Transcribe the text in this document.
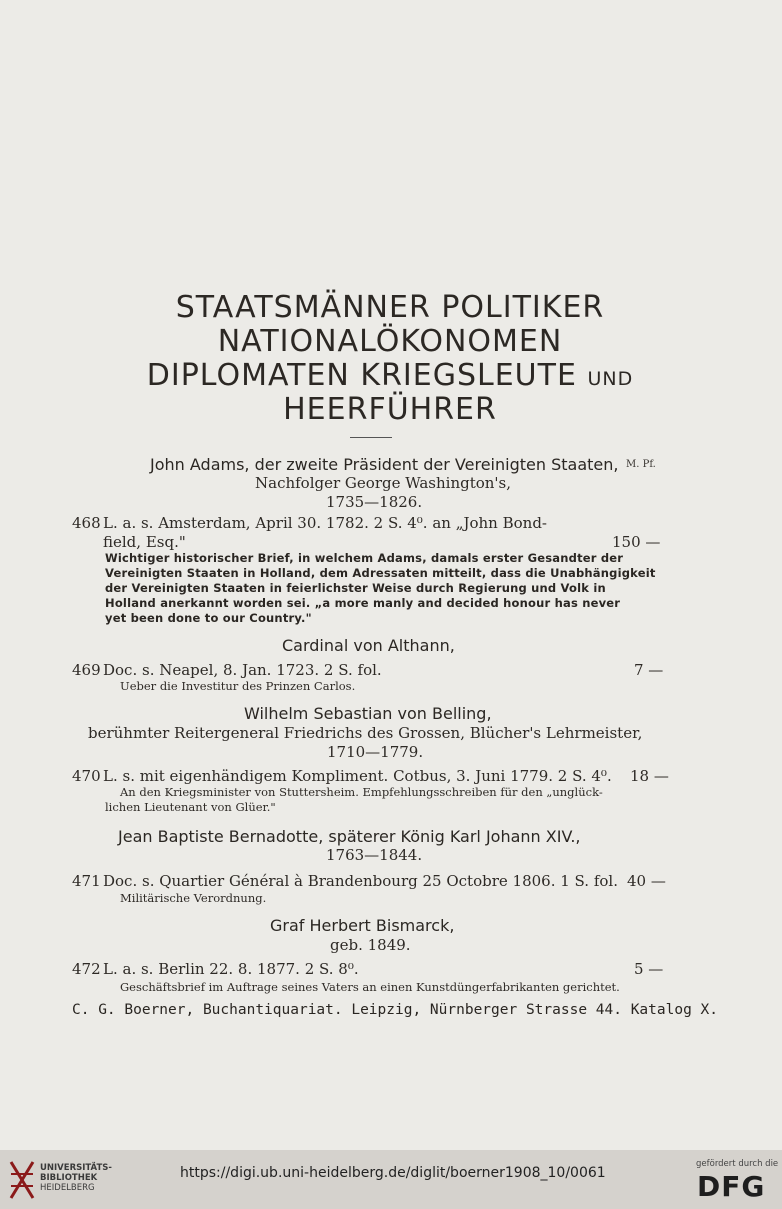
STAATSMÄNNER POLITIKER
NATIONALÖKONOMEN
DIPLOMATEN KRIEGSLEUTE UND
HEERFÜHRER
M. Pf.
John Adams, der zweite Präsident der Vereinigten Staaten,
Nachfolger George Washington's,
1735—1826.
468 L. a. s. Amsterdam, April 30. 1782. 2 S. 4⁰. an „John Bond-
field, Esq."	150 —
Wichtiger historischer Brief, in welchem Adams, damals erster Gesandter der
Vereinigten Staaten in Holland, dem Adressaten mitteilt, dass die Unabhängigkeit
der Vereinigten Staaten in feierlichster Weise durch Regierung und Volk in
Holland anerkannt worden sei. „a more manly and decided honour has never
yet been done to our Country."
Cardinal von Althann,
469 Doc. s. Neapel, 8. Jan. 1723. 2 S. fol.	7 —
Ueber die Investitur des Prinzen Carlos.
Wilhelm Sebastian von Belling,
berühmter Reitergeneral Friedrichs des Grossen, Blücher's Lehrmeister,
1710—1779.
470 L. s. mit eigenhändigem Kompliment. Cotbus, 3. Juni 1779. 2 S. 4⁰. 18 —
An den Kriegsminister von Stuttersheim. Empfehlungsschreiben für den „unglück-
lichen Lieutenant von Glüer."
Jean Baptiste Bernadotte, späterer König Karl Johann XIV.,
1763—1844.
471 Doc. s. Quartier Général à Brandenbourg 25 Octobre 1806. 1 S. fol. 40 —
Militärische Verordnung.
Graf Herbert Bismarck,
geb. 1849.
472 L. a. s. Berlin 22. 8. 1877. 2 S. 8⁰.	5 —
Geschäftsbrief im Auftrage seines Vaters an einen Kunstdüngerfabrikanten gerichtet.
C. G. Boerner, Buchantiquariat. Leipzig, Nürnberger Strasse 44. Katalog X.
UNIVERSITÄTS-
BIBLIOTHEK
HEIDELBERG
https://digi.ub.uni-heidelberg.de/diglit/boerner1908_10/0061
gefördert durch die
DFG
